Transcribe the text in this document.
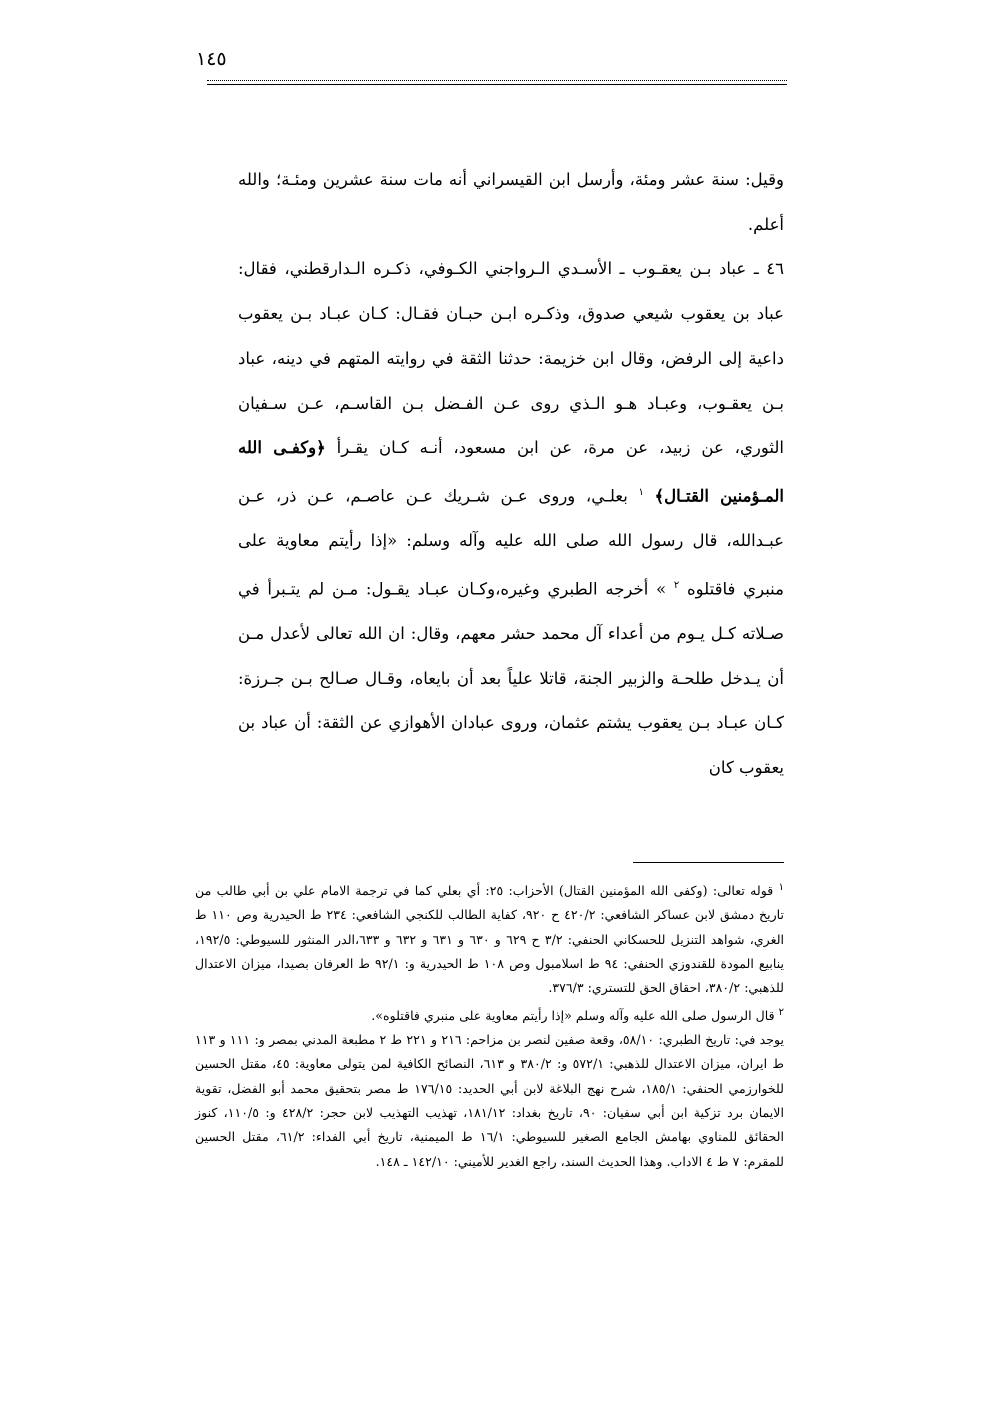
١٤٥

وقيل: سنة عشر ومئة، وأرسل ابن القيسراني أنه مات سنة عشرين ومئـة؛ والله أعلم.

٤٦ ـ عباد بـن يعقـوب ـ الأسـدي الـرواجني الكـوفي، ذكـره الـدارقطني، فقال: عباد بن يعقوب شيعي صدوق، وذكـره ابـن حبـان فقـال: كـان عبـاد بـن يعقوب داعية إلى الرفض، وقال ابن خزيمة: حدثنا الثقة في روايته المتهم في دينه، عباد بـن يعقـوب، وعبـاد هـو الـذي روى عـن الفـضل بـن القاسـم، عـن سـفيان الثوري، عن زبيد، عن مرة، عن ابن مسعود، أنـه كـان يقـرأ ﴿وكفـى الله المـؤمنين القتـال﴾ $^١$ بعلـي، وروى عـن شـريك عـن عاصـم، عـن ذر، عـن عبـدالله، قال رسول الله صلى الله عليه وآله وسلم: «إذا رأيتم معاوية على منبري فاقتلوه $^٢$ » أخرجه الطبري وغيره،وكـان عبـاد يقـول: مـن لم يتـبرأ في صـلاته كـل يـوم من أعداء آل محمد حشر معهم، وقال: ان الله تعالى لأعدل مـن أن يـدخل طلحـة والزبير الجنة، قاتلا علياً بعد أن بايعاه، وقـال صـالح بـن جـرزة: كـان عبـاد بـن يعقوب يشتم عثمان، وروى عبادان الأهوازي عن الثقة: أن عباد بن يعقوب كان

$^١$ قوله تعالى: (وكفى الله المؤمنين القتال) الأحزاب: ٢٥: أي بعلي كما في ترجمة الامام علي بن أبي طالب من تاريخ دمشق لابن عساكر الشافعي: ٤٢٠/٢ ح ٩٢٠، كفاية الطالب للكنجي الشافعي: ٢٣٤ ط الحيدرية وص ١١٠ ط الغري، شواهد التنزيل للحسكاني الحنفي: ٣/٢ ح ٦٢٩ و ٦٣٠ و ٦٣١ و ٦٣٢ و ٦٣٣،الدر المنثور للسيوطي: ١٩٢/٥، ينابيع المودة للقندوزي الحنفي: ٩٤ ط اسلامبول وص ١٠٨ ط الحيدرية و: ٩٢/١ ط العرفان بصيدا، ميزان الاعتدال للذهبي: ٣٨٠/٢، احقاق الحق للتستري: ٣٧٦/٣.

$^٢$ قال الرسول صلى الله عليه وآله وسلم «إذا رأيتم معاوية على منبري فاقتلوه».

يوجد في: تاريخ الطبري: ٥٨/١٠، وقعة صفين لنصر بن مزاحم: ٢١٦ و ٢٢١ ط ٢ مطبعة المدني بمصر و: ١١١ و ١١٣ ط ايران، ميزان الاعتدال للذهبي: ٥٧٢/١ و: ٣٨٠/٢ و ٦١٣، النصائح الكافية لمن يتولى معاوية: ٤٥، مقتل الحسين للخوارزمي الحنفي: ١٨٥/١، شرح نهج البلاغة لابن أبي الحديد: ١٧٦/١٥ ط مصر بتحقيق محمد أبو الفضل، تقوية الايمان برد تزكية ابن أبي سفيان: ٩٠، تاريخ بغداد: ١٨١/١٢، تهذيب التهذيب لابن حجر: ٤٢٨/٢ و: ١١٠/٥، كنوز الحقائق للمناوي بهامش الجامع الصغير للسيوطي: ١٦/١ ط الميمنية، تاريخ أبي الفداء: ٦١/٢، مقتل الحسين للمقرم: ٧ ط ٤ الاداب. وهذا الحديث السند، راجع الغدير للأميني: ١٤٢/١٠ ـ ١٤٨.
